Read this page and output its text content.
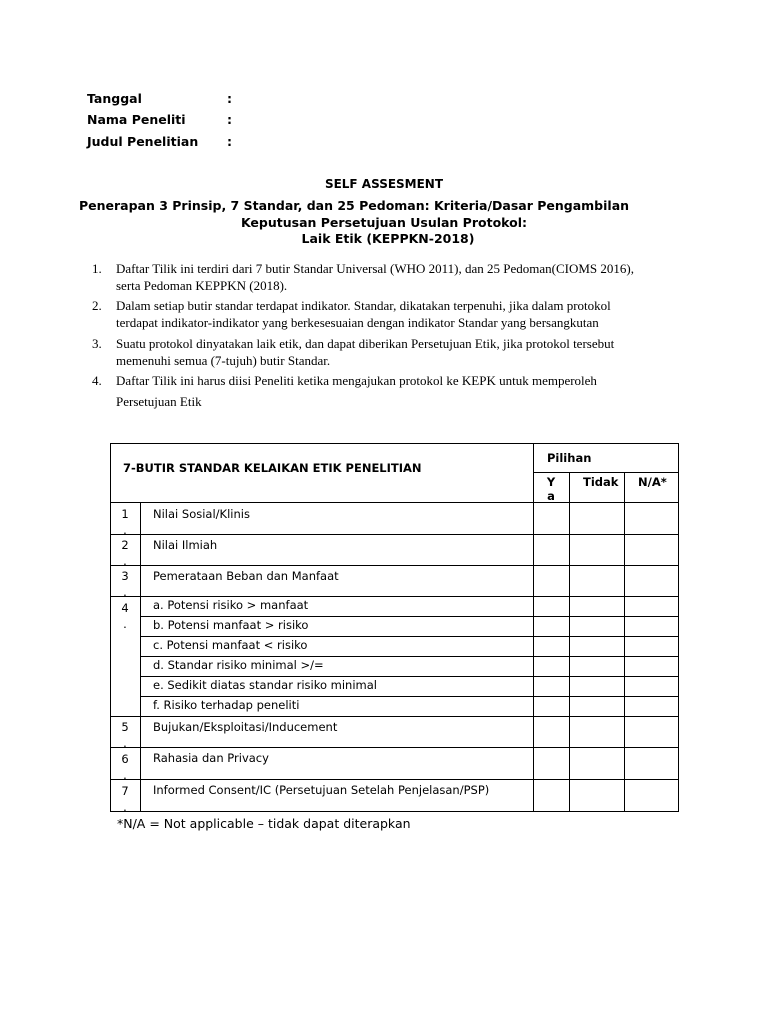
Tanggal	:
Nama Peneliti	:
Judul Penelitian :
SELF ASSESMENT
Penerapan 3 Prinsip, 7 Standar, dan 25 Pedoman: Kriteria/Dasar Pengambilan
Keputusan Persetujuan Usulan Protokol:
Laik Etik (KEPPKN-2018)
1. Daftar Tilik ini terdiri dari 7 butir Standar Universal (WHO 2011), dan 25 Pedoman(CIOMS 2016),
serta Pedoman KEPPKN (2018).
2. Dalam setiap butir standar terdapat indikator. Standar, dikatakan terpenuhi, jika dalam protokol
terdapat indikator-indikator yang berkesesuaian dengan indikator Standar yang bersangkutan
3. Suatu protokol dinyatakan laik etik, dan dapat diberikan Persetujuan Etik, jika protokol tersebut
memenuhi semua (7-tujuh) butir Standar.
4. Daftar Tilik ini harus diisi Peneliti ketika mengajukan protokol ke KEPK untuk memperoleh
Persetujuan Etik
7-BUTIR STANDAR KELAIKAN ETIK PENELITIAN
Pilihan
Y
a
Tidak N/A*
1
.
Nilai Sosial/Klinis
2
.
Nilai Ilmiah
3
.
Pemerataan Beban dan Manfaat
4
.
a. Potensi risiko > manfaat
b. Potensi manfaat > risiko
c. Potensi manfaat < risiko
d. Standar risiko minimal >/=
e. Sedikit diatas standar risiko minimal
f. Risiko terhadap peneliti
5
.
Bujukan/Eksploitasi/Inducement
6
.
Rahasia dan Privacy
7
.
Informed Consent/IC (Persetujuan Setelah Penjelasan/PSP)
*N/A = Not applicable – tidak dapat diterapkan
